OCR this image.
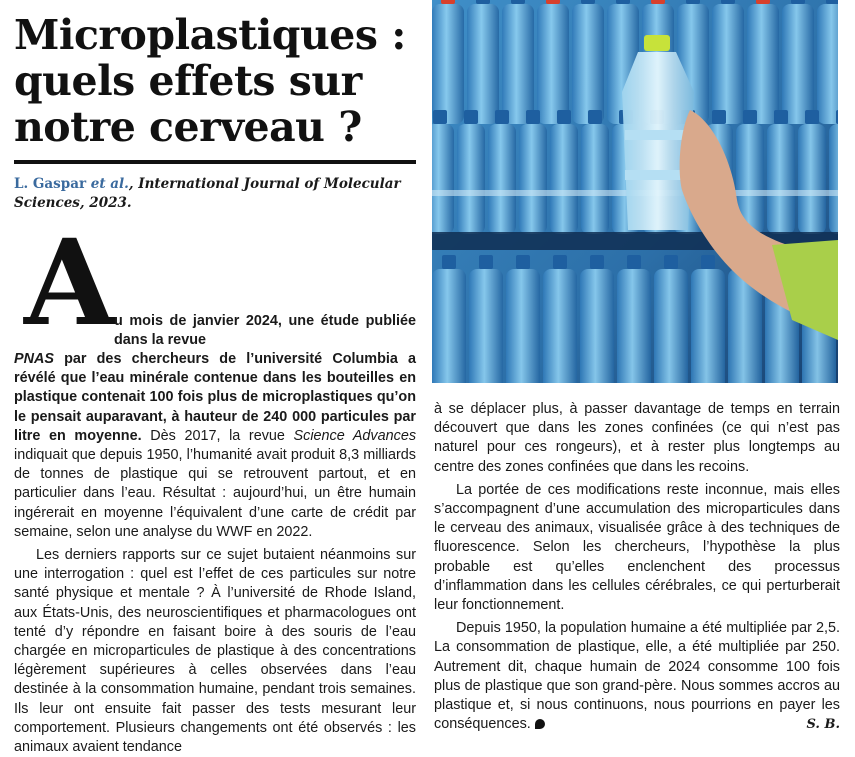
Microplastiques : quels effets sur notre cerveau ?
L. Gaspar et al., International Journal of Molecular Sciences, 2023.
A
u mois de janvier 2024, une étude publiée dans la revue

PNAS par des chercheurs de l’université Columbia a révélé que l’eau minérale contenue dans les bouteilles en plastique contenait 100 fois plus de microplastiques qu’on le pensait auparavant, à hauteur de 240 000 particules par litre en moyenne. Dès 2017, la revue Science Advances indiquait que depuis 1950, l’humanité avait produit 8,3 milliards de tonnes de plastique qui se retrouvent partout, et en particulier dans l’eau. Résultat : aujourd’hui, un être humain ingérerait en moyenne l’équivalent d’une carte de crédit par semaine, selon une analyse du WWF en 2022.

Les derniers rapports sur ce sujet butaient néanmoins sur une interrogation : quel est l’effet de ces particules sur notre santé physique et mentale ? À l’université de Rhode Island, aux États-Unis, des neuroscientifiques et pharmacologues ont tenté d’y répondre en faisant boire à des souris de l’eau chargée en microparticules de plastique à des concentrations légèrement supérieures à celles observées dans l’eau destinée à la consommation humaine, pendant trois semaines. Ils leur ont ensuite fait passer des tests mesurant leur comportement. Plusieurs changements ont été observés : les animaux avaient tendance

à se déplacer plus, à passer davantage de temps en terrain découvert que dans les zones confinées (ce qui n’est pas naturel pour ces rongeurs), et à rester plus longtemps au centre des zones confinées que dans les recoins.

La portée de ces modifications reste inconnue, mais elles s’accompagnent d’une accumulation des microparticules dans le cerveau des animaux, visualisée grâce à des techniques de fluorescence. Selon les chercheurs, l’hypothèse la plus probable est qu’elles enclenchent des processus d’inflammation dans les cellules cérébrales, ce qui perturberait leur fonctionnement.

Depuis 1950, la population humaine a été multipliée par 2,5. La consommation de plastique, elle, a été multipliée par 250. Autrement dit, chaque humain de 2024 consomme 100 fois plus de plastique que son grand-père. Nous sommes accros au plastique et, si nous continuons, nous pourrions en payer les conséquences.	S. B.
